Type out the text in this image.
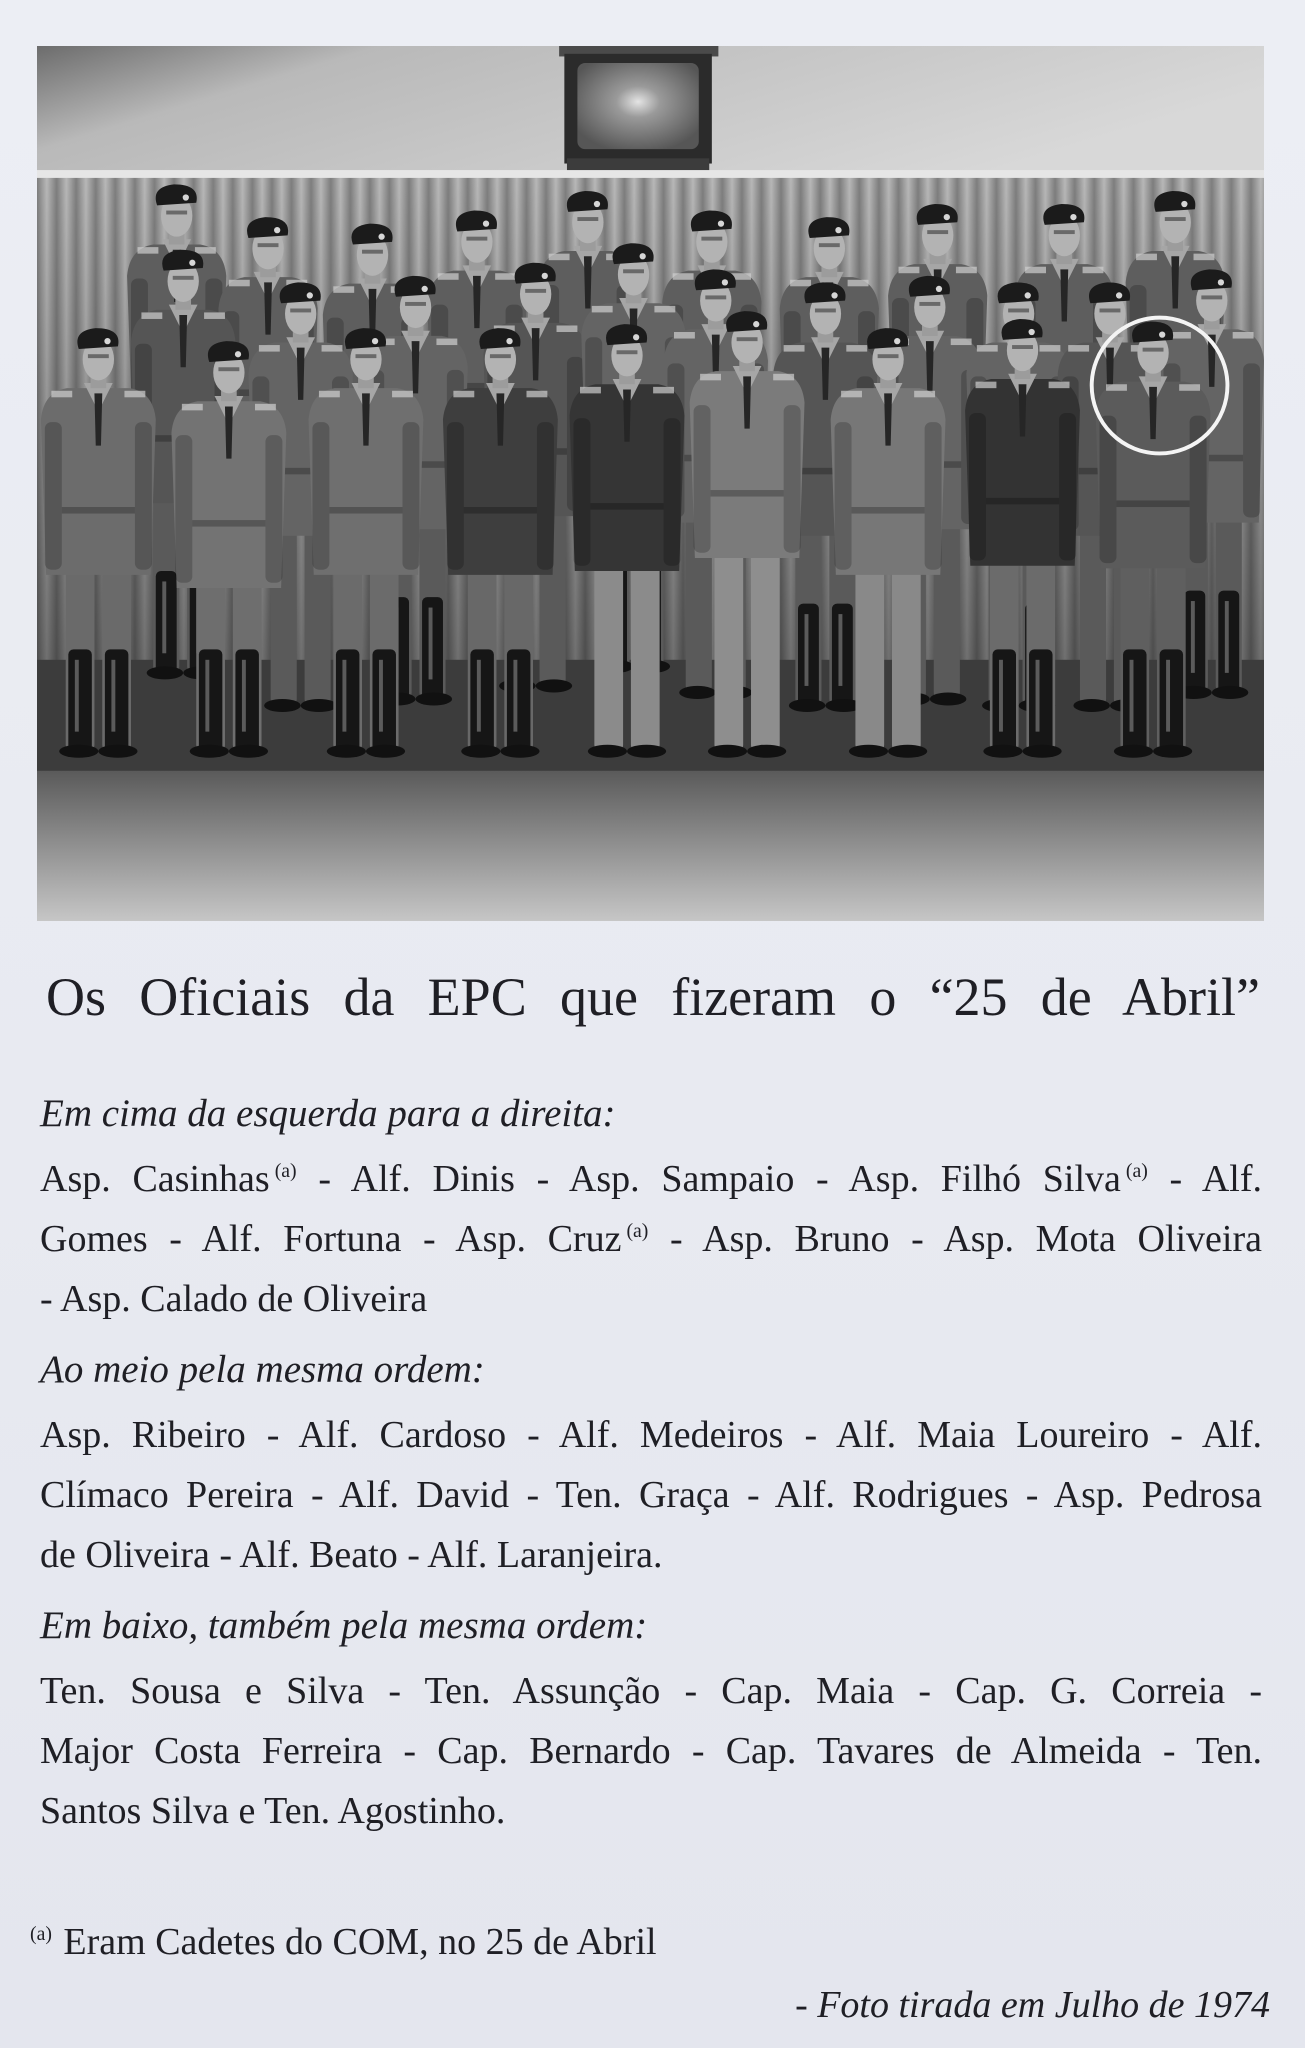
Os Oficiais da EPC que fizeram o “25 de Abril”
Em cima da esquerda para a direita:
Asp. Casinhas $^{(a)}$ - Alf. Dinis - Asp. Sampaio - Asp. Filhó Silva $^{(a)}$ - Alf.
Gomes - Alf. Fortuna - Asp. Cruz $^{(a)}$ - Asp. Bruno - Asp. Mota Oliveira
- Asp. Calado de Oliveira
Ao meio pela mesma ordem:
Asp. Ribeiro - Alf. Cardoso - Alf. Medeiros - Alf. Maia Loureiro - Alf.
Clímaco Pereira - Alf. David - Ten. Graça - Alf. Rodrigues - Asp. Pedrosa
de Oliveira - Alf. Beato - Alf. Laranjeira.
Em baixo, também pela mesma ordem:
Ten. Sousa e Silva - Ten. Assunção - Cap. Maia - Cap. G. Correia -
Major Costa Ferreira - Cap. Bernardo - Cap. Tavares de Almeida - Ten.
Santos Silva e Ten. Agostinho.
$^{(a)}$ Eram Cadetes do COM, no 25 de Abril
- Foto tirada em Julho de 1974
